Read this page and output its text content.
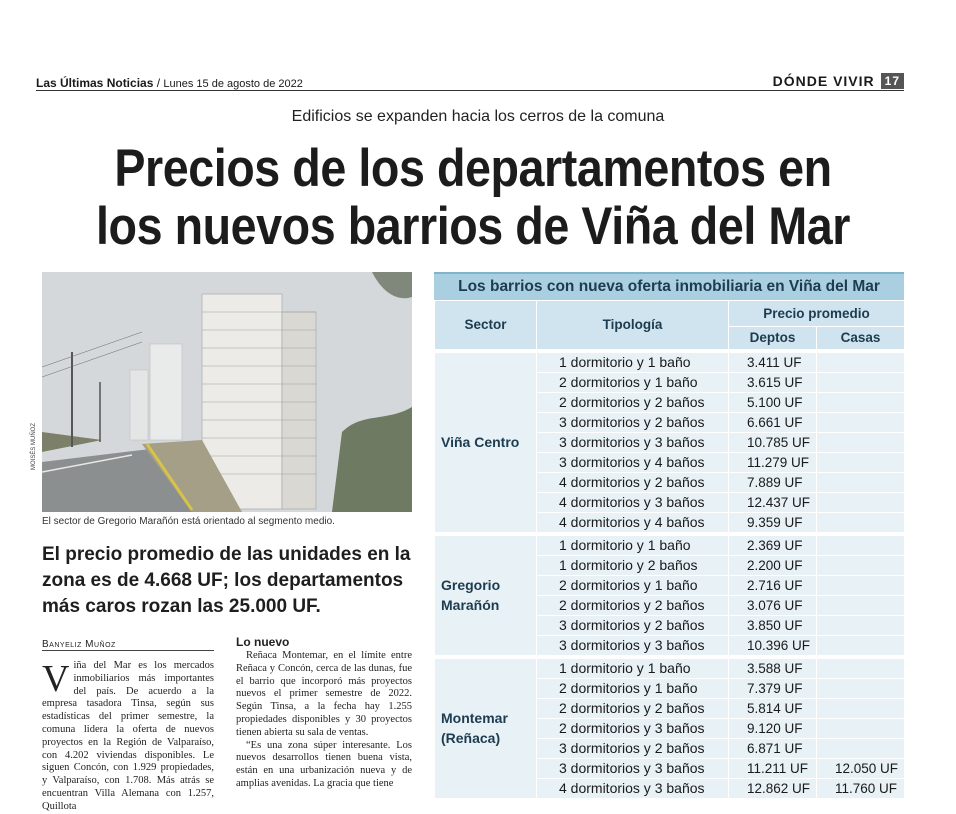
Las Últimas Noticias / Lunes 15 de agosto de 2022	DÓNDE VIVIR 17
Edificios se expanden hacia los cerros de la comuna
Precios de los departamentos en
los nuevos barrios de Viña del Mar
MOISÉS MUÑOZ
El sector de Gregorio Marañón está orientado al segmento medio.
El precio promedio de las unidades en la zona es de 4.668 UF; los departamentos más caros rozan las 25.000 UF.
Banyeliz Muñoz
Viña del Mar es los mercados inmobiliarios más importantes del país. De acuerdo a la empresa tasadora Tinsa, según sus estadísticas del primer semestre, la comuna lidera la oferta de nuevos proyectos en la Región de Valparaíso, con 4.202 viviendas disponibles. Le siguen Concón, con 1.929 propiedades, y Valparaíso, con 1.708. Más atrás se encuentran Villa Alemana con 1.257, Quillota
Lo nuevo

Reñaca Montemar, en el límite entre Reñaca y Concón, cerca de las dunas, fue el barrio que incorporó más proyectos nuevos el primer semestre de 2022. Según Tinsa, a la fecha hay 1.255 propiedades disponibles y 30 proyectos tienen abierta su sala de ventas.

“Es una zona súper interesante. Los nuevos desarrollos tienen buena vista, están en una urbanización nueva y de amplias avenidas. La gracia que tiene

Los barrios con nueva oferta inmobiliaria en Viña del Mar
Sector	Tipología	Precio promedio	
		Deptos	Casas
Viña Centro	1 dormitorio y 1 baño	3.411 UF	
	2 dormitorios y 1 baño	3.615 UF	
	2 dormitorios y 2 baños	5.100 UF	
	3 dormitorios y 2 baños	6.661 UF	
	3 dormitorios y 3 baños	10.785 UF	
	3 dormitorios y 4 baños	11.279 UF	
	4 dormitorios y 2 baños	7.889 UF	
	4 dormitorios y 3 baños	12.437 UF	
	4 dormitorios y 4 baños	9.359 UF	
Gregorio Marañón	1 dormitorio y 1 baño	2.369 UF	
	1 dormitorio y 2 baños	2.200 UF	
	2 dormitorios y 1 baño	2.716 UF	
	2 dormitorios y 2 baños	3.076 UF	
	3 dormitorios y 2 baños	3.850 UF	
	3 dormitorios y 3 baños	10.396 UF	
Montemar (Reñaca)	1 dormitorio y 1 baño	3.588 UF	
	2 dormitorios y 1 baño	7.379 UF	
	2 dormitorios y 2 baños	5.814 UF	
	2 dormitorios y 3 baños	9.120 UF	
	3 dormitorios y 2 baños	6.871 UF	
	3 dormitorios y 3 baños	11.211 UF	12.050 UF
	4 dormitorios y 3 baños	12.862 UF	11.760 UF
